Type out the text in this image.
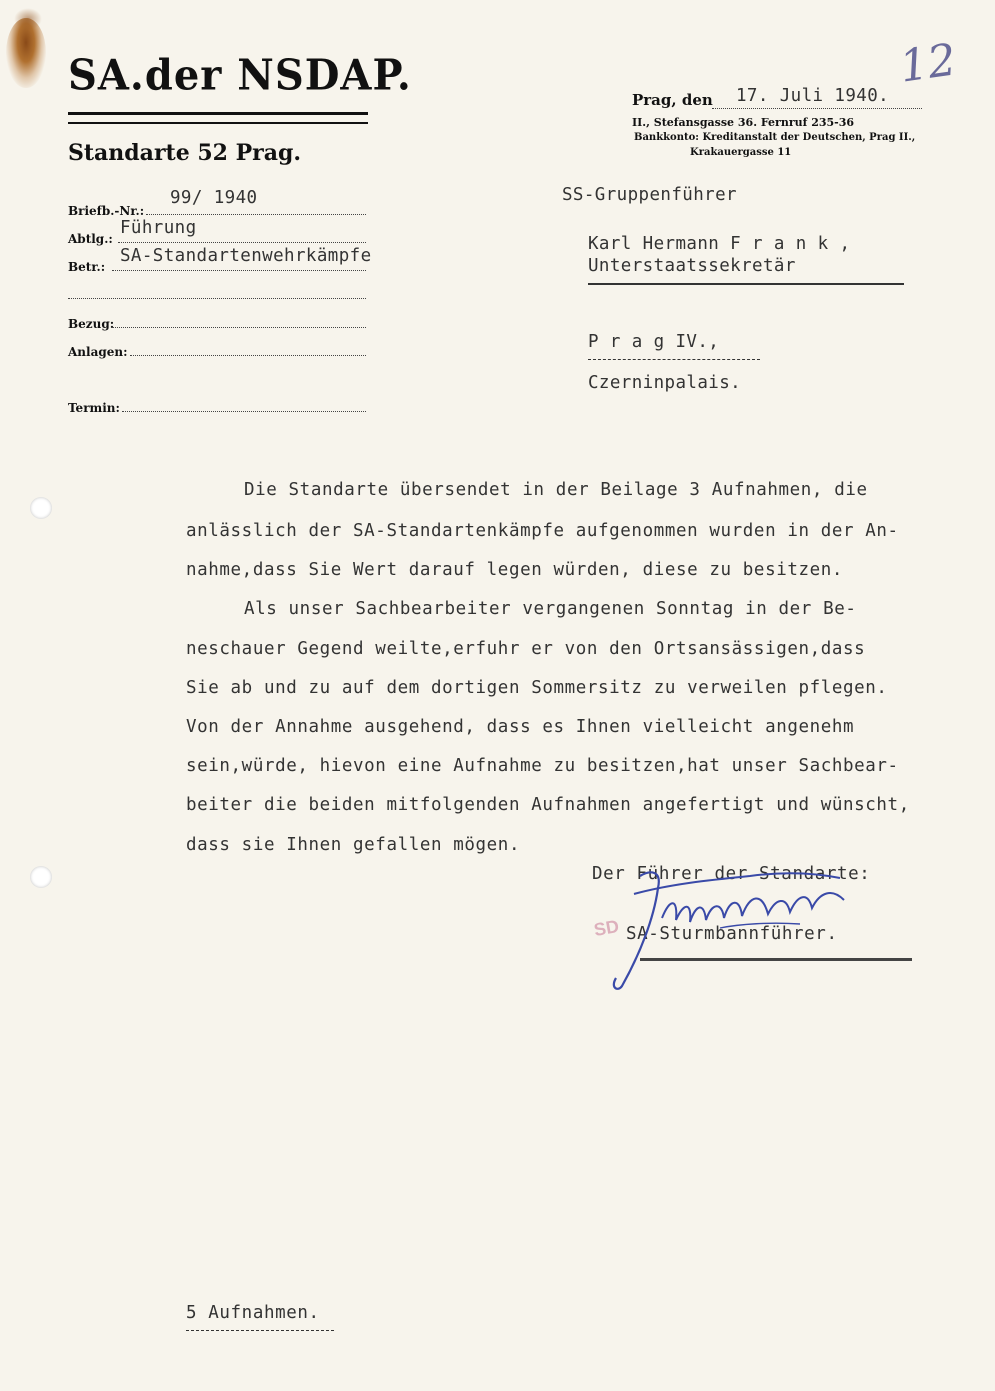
12
SA.der NSDAP.
Standarte 52 Prag.
Briefb.-Nr.:
99/ 1940
Abtlg.:
Führung
Betr.:
SA-Standartenwehrkämpfe
Bezug:
Anlagen:
Termin:
Prag, den 17. Juli 1940.
II., Stefansgasse 36. Fernruf 235-36
Bankkonto: Kreditanstalt der Deutschen, Prag II.,
Krakauergasse 11
SS-Gruppenführer
Karl Hermann F r a n k ,
Unterstaatssekretär
P r a g IV.,
Czerninpalais.
Die Standarte übersendet in der Beilage 3 Aufnahmen, die
anlässlich der SA-Standartenkämpfe aufgenommen wurden in der An-
nahme,dass Sie Wert darauf legen würden, diese zu besitzen.
Als unser Sachbearbeiter vergangenen Sonntag in der Be-
neschauer Gegend weilte,erfuhr er von den Ortsansässigen,dass
Sie ab und zu auf dem dortigen Sommersitz zu verweilen pflegen.
Von der Annahme ausgehend, dass es Ihnen vielleicht angenehm
sein,würde, hievon eine Aufnahme zu besitzen,hat unser Sachbear-
beiter die beiden mitfolgenden Aufnahmen angefertigt und wünscht,
dass sie Ihnen gefallen mögen.
Der Führer der Standarte:
SD SA-Sturmbannführer.
5 Aufnahmen.
